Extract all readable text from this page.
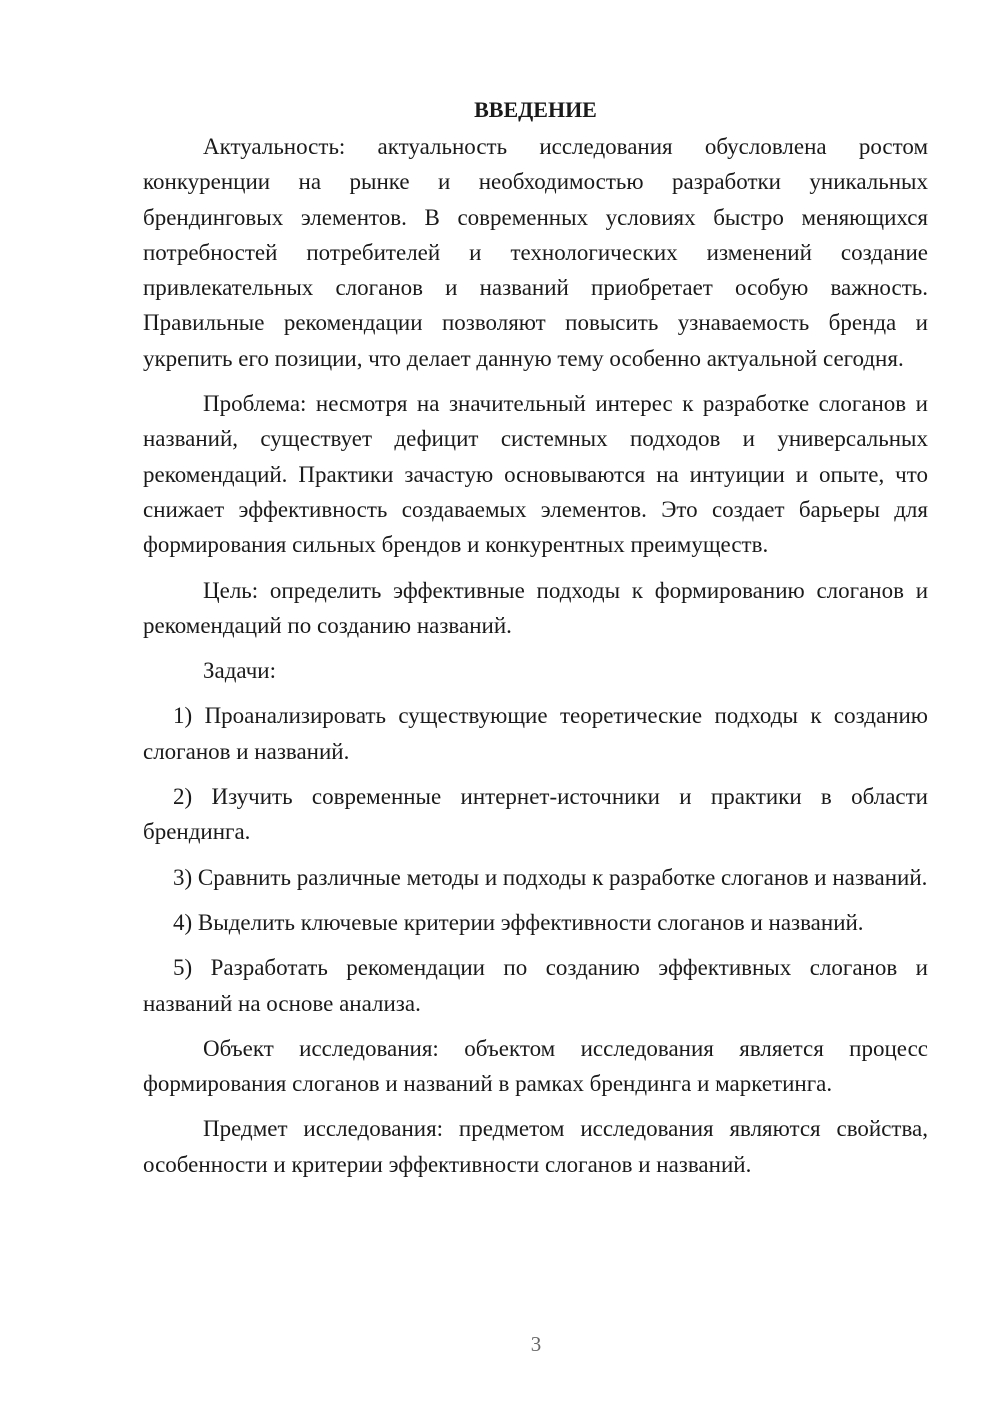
ВВЕДЕНИЕ

Актуальность: актуальность исследования обусловлена ростом конкуренции на рынке и необходимостью разработки уникальных брендинговых элементов. В современных условиях быстро меняющихся потребностей потребителей и технологических изменений создание привлекательных слоганов и названий приобретает особую важность. Правильные рекомендации позволяют повысить узнаваемость бренда и укрепить его позиции, что делает данную тему особенно актуальной сегодня.

Проблема: несмотря на значительный интерес к разработке слоганов и названий, существует дефицит системных подходов и универсальных рекомендаций. Практики зачастую основываются на интуиции и опыте, что снижает эффективность создаваемых элементов. Это создает барьеры для формирования сильных брендов и конкурентных преимуществ.

Цель: определить эффективные подходы к формированию слоганов и рекомендаций по созданию названий.

Задачи:

1) Проанализировать существующие теоретические подходы к созданию слоганов и названий.

2) Изучить современные интернет-источники и практики в области брендинга.

3) Сравнить различные методы и подходы к разработке слоганов и названий.

4) Выделить ключевые критерии эффективности слоганов и названий.

5) Разработать рекомендации по созданию эффективных слоганов и названий на основе анализа.

Объект исследования: объектом исследования является процесс формирования слоганов и названий в рамках брендинга и маркетинга.

Предмет исследования: предметом исследования являются свойства, особенности и критерии эффективности слоганов и названий.

3
